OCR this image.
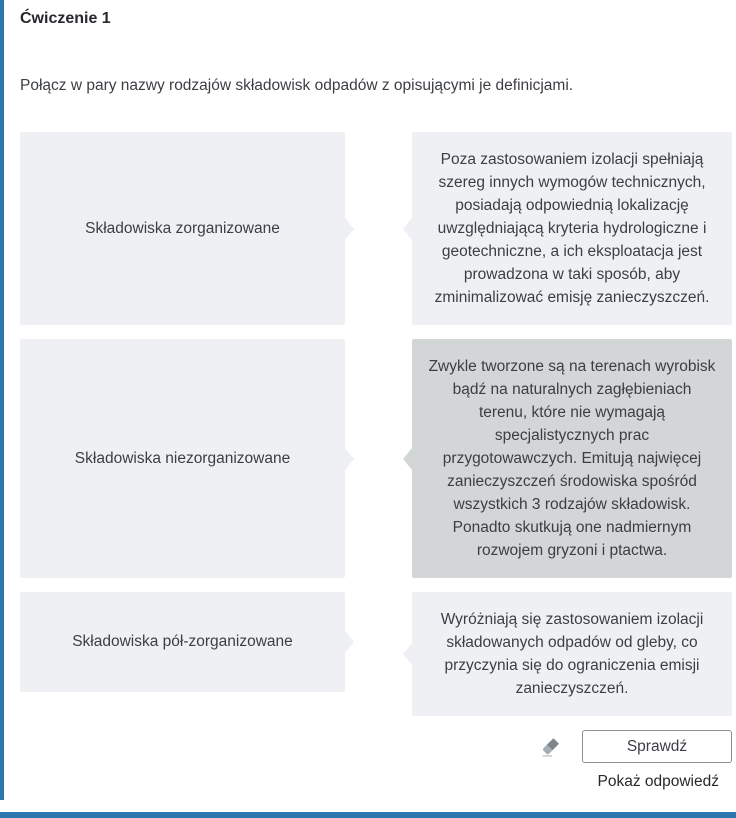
Ćwiczenie 1

Połącz w pary nazwy rodzajów składowisk odpadów z opisującymi je definicjami.

Składowiska zorganizowane
Poza zastosowaniem izolacji spełniają szereg innych wymogów technicznych, posiadają odpowiednią lokalizację uwzględniającą kryteria hydrologiczne i geotechniczne, a ich eksploatacja jest prowadzona w taki sposób, aby zminimalizować emisję zanieczyszczeń.
Składowiska niezorganizowane
Zwykle tworzone są na terenach wyrobisk bądź na naturalnych zagłębieniach terenu, które nie wymagają specjalistycznych prac przygotowawczych. Emitują najwięcej zanieczyszczeń środowiska spośród wszystkich 3 rodzajów składowisk. Ponadto skutkują one nadmiernym rozwojem gryzoni i ptactwa.
Składowiska pół-zorganizowane
Wyróżniają się zastosowaniem izolacji składowanych odpadów od gleby, co przyczynia się do ograniczenia emisji zanieczyszczeń.
Sprawdź
Pokaż odpowiedź
